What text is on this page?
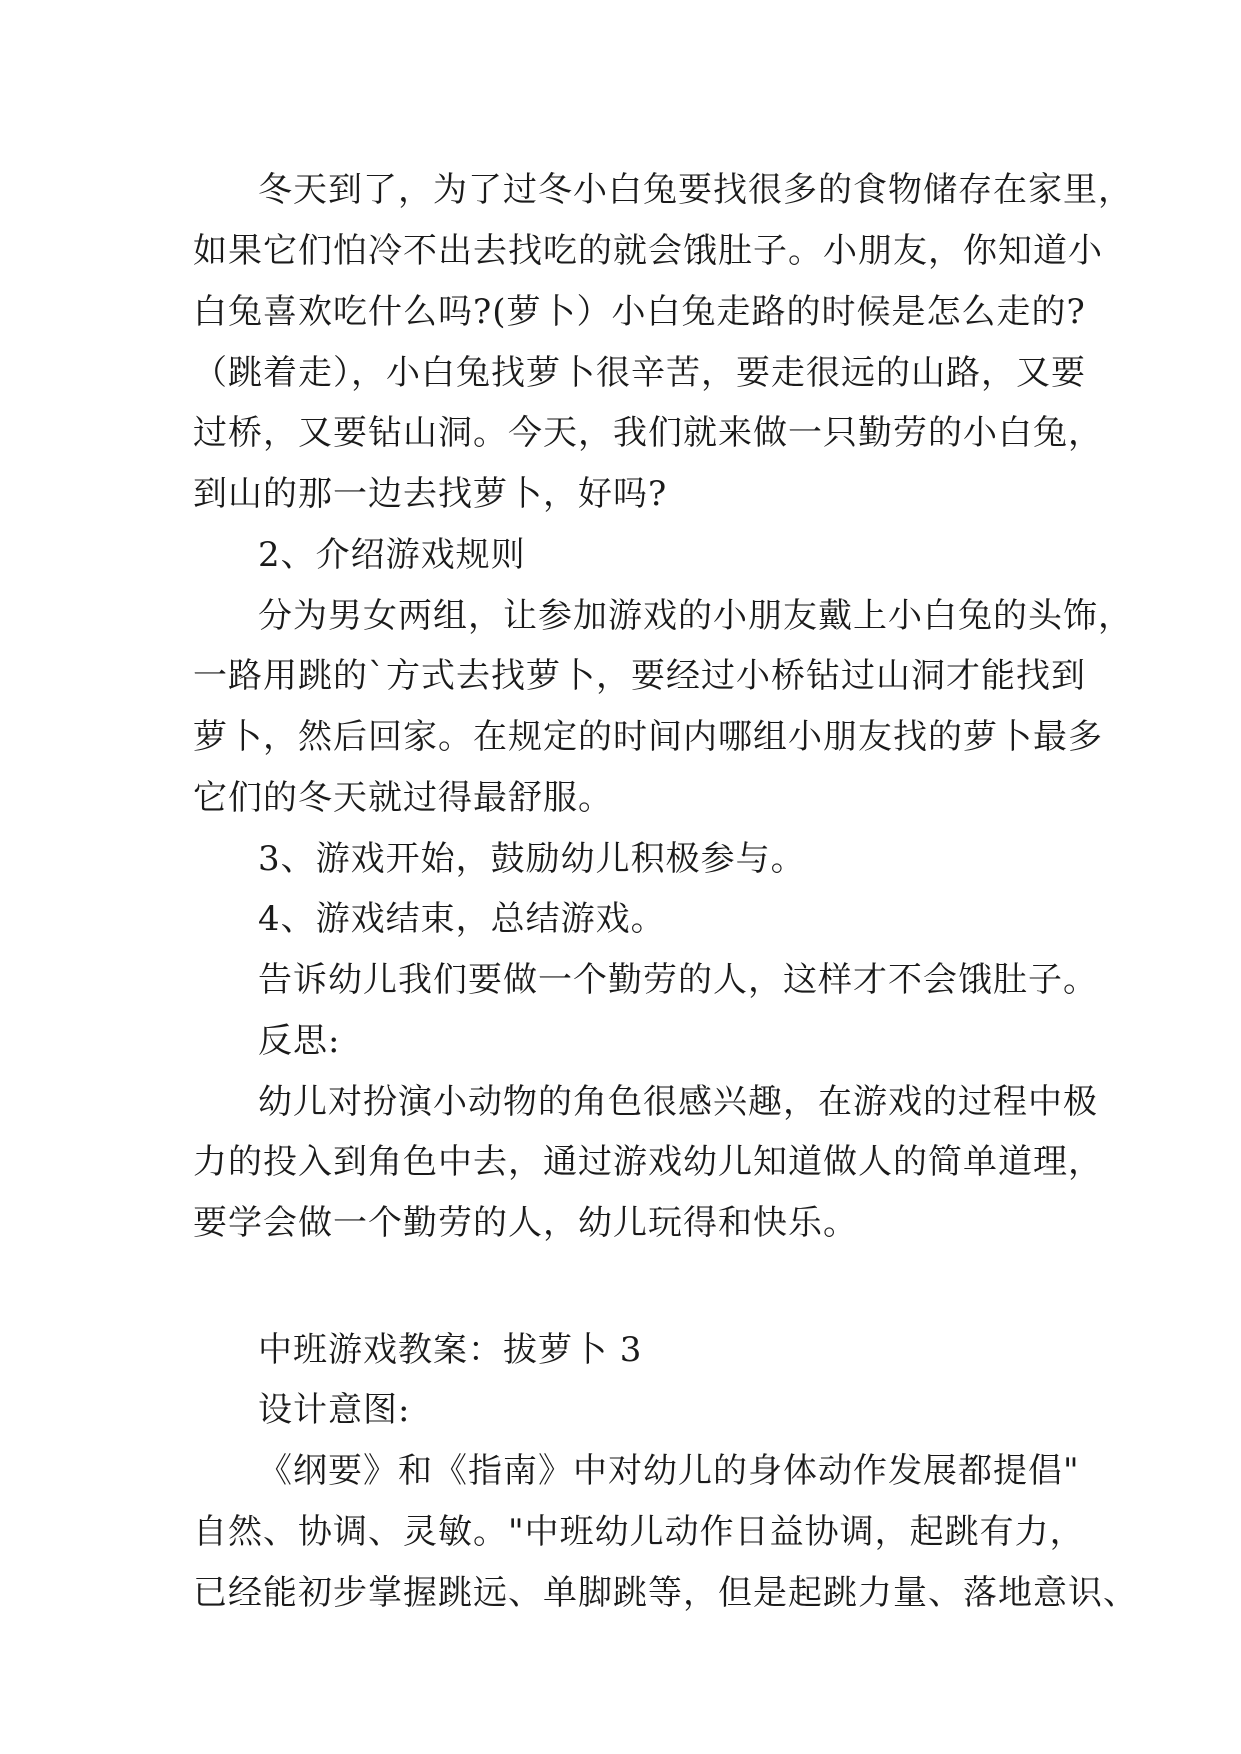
冬天到了，为了过冬小白兔要找很多的食物储存在家里，
如果它们怕冷不出去找吃的就会饿肚子。小朋友，你知道小
白兔喜欢吃什么吗?(萝卜）小白兔走路的时候是怎么走的?
（跳着走），小白兔找萝卜很辛苦，要走很远的山路，又要
过桥，又要钻山洞。今天，我们就来做一只勤劳的小白兔，
到山的那一边去找萝卜，好吗?
2、介绍游戏规则
分为男女两组，让参加游戏的小朋友戴上小白兔的头饰，
一路用跳的`方式去找萝卜，要经过小桥钻过山洞才能找到
萝卜，然后回家。在规定的时间内哪组小朋友找的萝卜最多
它们的冬天就过得最舒服。
3、游戏开始，鼓励幼儿积极参与。
4、游戏结束，总结游戏。
告诉幼儿我们要做一个勤劳的人，这样才不会饿肚子。
反思:
幼儿对扮演小动物的角色很感兴趣，在游戏的过程中极
力的投入到角色中去，通过游戏幼儿知道做人的简单道理，
要学会做一个勤劳的人，幼儿玩得和快乐。
中班游戏教案：拔萝卜 3
设计意图:
《纲要》和《指南》中对幼儿的身体动作发展都提倡"
自然、协调、灵敏。"中班幼儿动作日益协调，起跳有力，
已经能初步掌握跳远、单脚跳等，但是起跳力量、落地意识、
